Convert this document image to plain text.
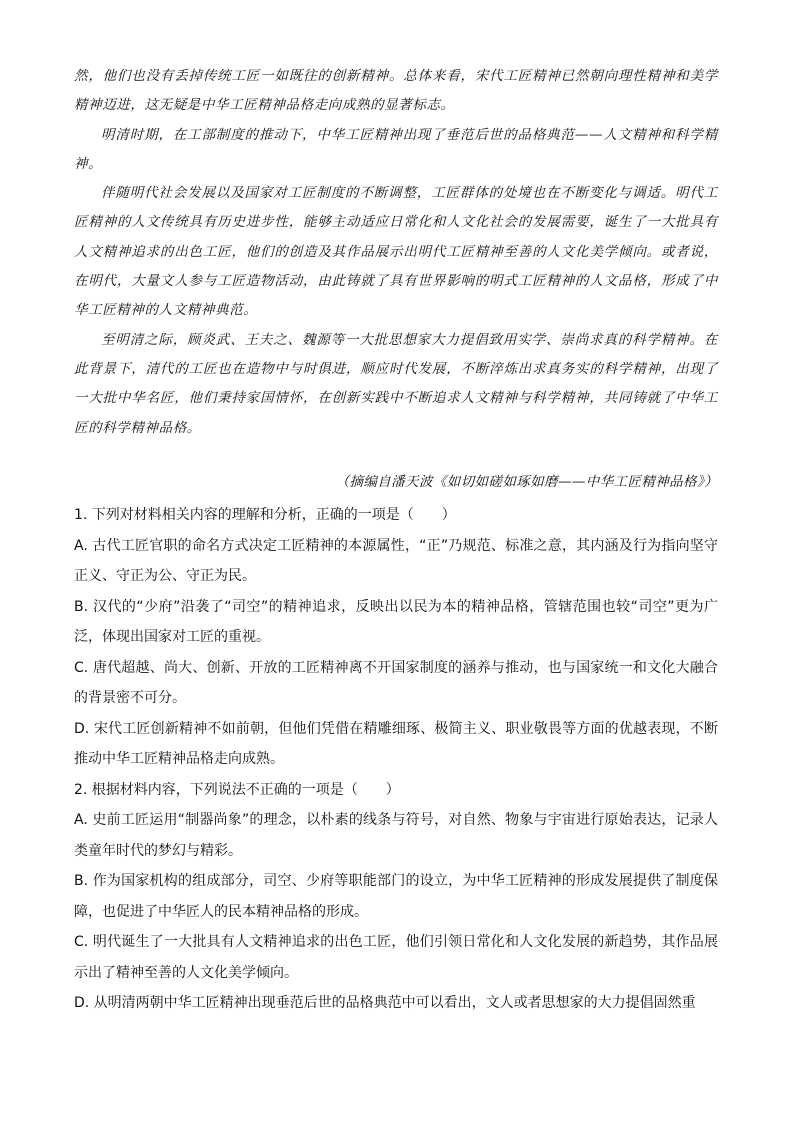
然，他们也没有丢掉传统工匠一如既往的创新精神。总体来看，宋代工匠精神已然朝向理性精神和美学精神迈进，这无疑是中华工匠精神品格走向成熟的显著标志。

明清时期，在工部制度的推动下，中华工匠精神出现了垂范后世的品格典范——人文精神和科学精神。

伴随明代社会发展以及国家对工匠制度的不断调整，工匠群体的处境也在不断变化与调适。明代工匠精神的人文传统具有历史进步性，能够主动适应日常化和人文化社会的发展需要，诞生了一大批具有人文精神追求的出色工匠，他们的创造及其作品展示出明代工匠精神至善的人文化美学倾向。或者说，在明代，大量文人参与工匠造物活动，由此铸就了具有世界影响的明式工匠精神的人文品格，形成了中华工匠精神的人文精神典范。

至明清之际，顾炎武、王夫之、魏源等一大批思想家大力提倡致用实学、崇尚求真的科学精神。在此背景下，清代的工匠也在造物中与时俱进，顺应时代发展，不断淬炼出求真务实的科学精神，出现了一大批中华名匠，他们秉持家国情怀，在创新实践中不断追求人文精神与科学精神，共同铸就了中华工匠的科学精神品格。

（摘编自潘天波《如切如磋如琢如磨——中华工匠精神品格》）

1. 下列对材料相关内容的理解和分析，正确的一项是（　　）

A. 古代工匠官职的命名方式决定工匠精神的本源属性，“正”乃规范、标准之意，其内涵及行为指向坚守正义、守正为公、守正为民。

B. 汉代的“少府”沿袭了“司空”的精神追求，反映出以民为本的精神品格，管辖范围也较“司空”更为广泛，体现出国家对工匠的重视。

C. 唐代超越、尚大、创新、开放的工匠精神离不开国家制度的涵养与推动，也与国家统一和文化大融合的背景密不可分。

D. 宋代工匠创新精神不如前朝，但他们凭借在精雕细琢、极简主义、职业敬畏等方面的优越表现，不断推动中华工匠精神品格走向成熟。

2. 根据材料内容，下列说法不正确的一项是（　　）

A. 史前工匠运用“制器尚象”的理念，以朴素的线条与符号，对自然、物象与宇宙进行原始表达，记录人类童年时代的梦幻与精彩。

B. 作为国家机构的组成部分，司空、少府等职能部门的设立，为中华工匠精神的形成发展提供了制度保障，也促进了中华匠人的民本精神品格的形成。

C. 明代诞生了一大批具有人文精神追求的出色工匠，他们引领日常化和人文化发展的新趋势，其作品展示出了精神至善的人文化美学倾向。

D. 从明清两朝中华工匠精神出现垂范后世的品格典范中可以看出，文人或者思想家的大力提倡固然重
